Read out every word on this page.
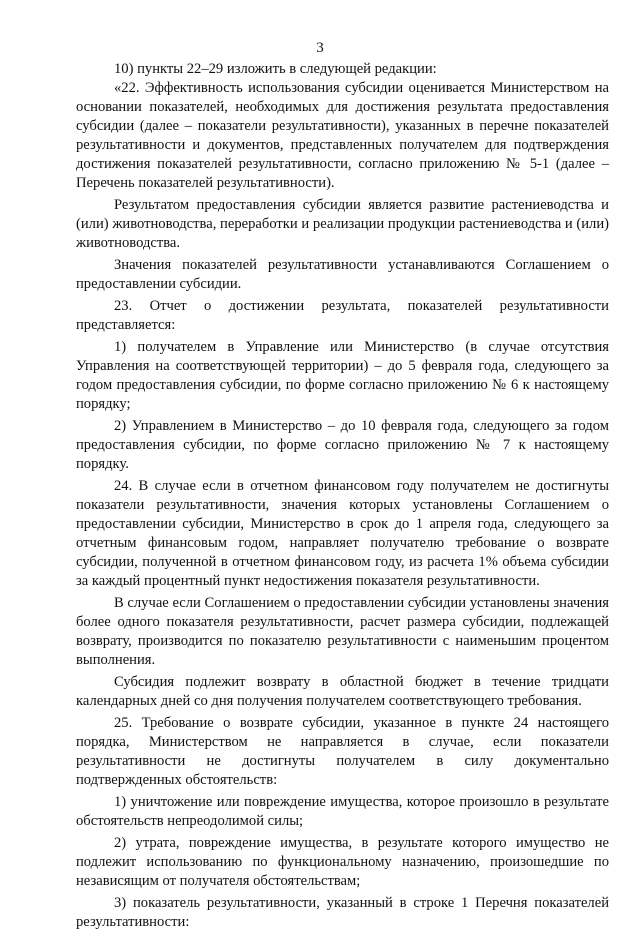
3

10) пункты 22–29 изложить в следующей редакции:

«22. Эффективность использования субсидии оценивается Министерством на основании показателей, необходимых для достижения результата предоставления субсидии (далее – показатели результативности), указанных в перечне показателей результативности и документов, представленных получателем для подтверждения достижения показателей результативности, согласно приложению № 5-1 (далее – Перечень показателей результативности).

Результатом предоставления субсидии является развитие растениеводства и (или) животноводства, переработки и реализации продукции растениеводства и (или) животноводства.

Значения показателей результативности устанавливаются Соглашением о предоставлении субсидии.

23. Отчет о достижении результата, показателей результативности представляется:

1) получателем в Управление или Министерство (в случае отсутствия Управления на соответствующей территории) – до 5 февраля года, следующего за годом предоставления субсидии, по форме согласно приложению № 6 к настоящему порядку;

2) Управлением в Министерство – до 10 февраля года, следующего за годом предоставления субсидии, по форме согласно приложению № 7 к настоящему порядку.

24. В случае если в отчетном финансовом году получателем не достигнуты показатели результативности, значения которых установлены Соглашением о предоставлении субсидии, Министерство в срок до 1 апреля года, следующего за отчетным финансовым годом, направляет получателю требование о возврате субсидии, полученной в отчетном финансовом году, из расчета 1% объема субсидии за каждый процентный пункт недостижения показателя результативности.

В случае если Соглашением о предоставлении субсидии установлены значения более одного показателя результативности, расчет размера субсидии, подлежащей возврату, производится по показателю результативности с наименьшим процентом выполнения.

Субсидия подлежит возврату в областной бюджет в течение тридцати календарных дней со дня получения получателем соответствующего требования.

25. Требование о возврате субсидии, указанное в пункте 24 настоящего порядка, Министерством не направляется в случае, если показатели результативности не достигнуты получателем в силу документально подтвержденных обстоятельств:

1) уничтожение или повреждение имущества, которое произошло в результате обстоятельств непреодолимой силы;

2) утрата, повреждение имущества, в результате которого имущество не подлежит использованию по функциональному назначению, произошедшие по независящим от получателя обстоятельствам;

3) показатель результативности, указанный в строке 1 Перечня показателей результативности:
